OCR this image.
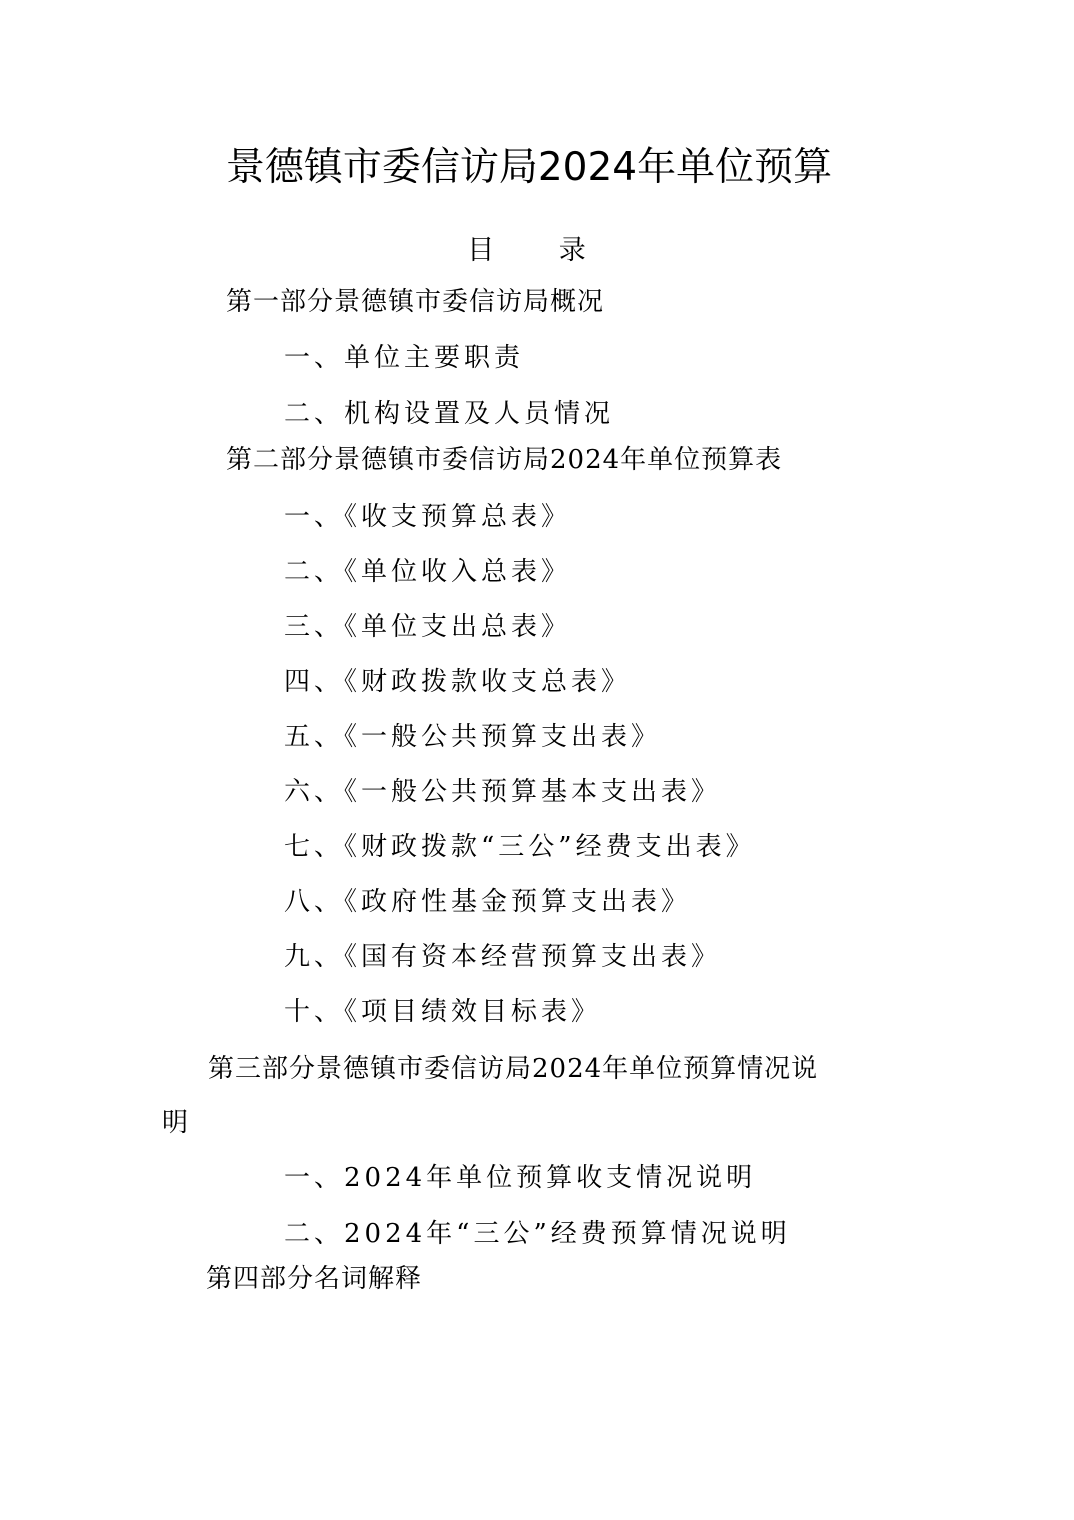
景德镇市委信访局2024年单位预算
目 录
第一部分景德镇市委信访局概况
一、单位主要职责
二、机构设置及人员情况
第二部分景德镇市委信访局2024年单位预算表
一、《收支预算总表》
二、《单位收入总表》
三、《单位支出总表》
四、《财政拨款收支总表》
五、《一般公共预算支出表》
六、《一般公共预算基本支出表》
七、《财政拨款“三公”经费支出表》
八、《政府性基金预算支出表》
九、《国有资本经营预算支出表》
十、《项目绩效目标表》
第三部分景德镇市委信访局2024年单位预算情况说
明
一、2024年单位预算收支情况说明
二、2024年“三公”经费预算情况说明
第四部分名词解释
